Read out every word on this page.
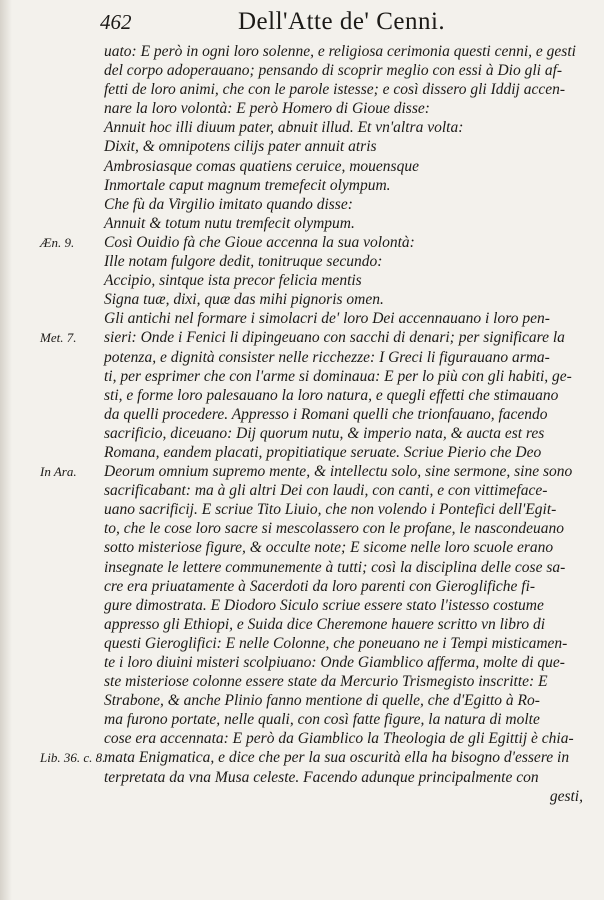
462	Dell'Atte de' Cenni.
uato: E però in ogni loro solenne, e religiosa cerimonia questi cenni, e gesti
del corpo adoperauano; pensando di scoprir meglio con essi à Dio gli af-
fetti de loro animi, che con le parole istesse; e così dissero gli Iddij accen-
nare la loro volontà: E però Homero di Gioue disse:
Annuit hoc illi diuum pater, abnuit illud. Et vn'altra volta:
Dixit, & omnipotens cilijs pater annuit atris
Ambrosiasque comas quatiens ceruice, mouensque
Inmortale caput magnum tremefecit olympum.
Che fù da Virgilio imitato quando disse:
Annuit & totum nutu tremfecit olympum.
Così Ouidio fà che Gioue accenna la sua volontà:
Ille notam fulgore dedit, tonitruque secundo:
Accipio, sintque ista precor felicia mentis
Signa tuæ, dixi, quæ das mihi pignoris omen.
Gli antichi nel formare i simolacri de' loro Dei accennauano i loro pen-
sieri: Onde i Fenici li dipingeuano con sacchi di denari; per significare la
potenza, e dignità consister nelle ricchezze: I Greci li figurauano arma-
ti, per esprimer che con l'arme si dominaua: E per lo più con gli habiti, ge-
sti, e forme loro palesauano la loro natura, e quegli effetti che stimauano
da quelli procedere. Appresso i Romani quelli che trionfauano, facendo
sacrificio, diceuano: Dij quorum nutu, & imperio nata, & aucta est res
Romana, eandem placati, propitiatique seruate. Scriue Pierio che Deo
Deorum omnium supremo mente, & intellectu solo, sine sermone, sine sono
sacrificabant: ma à gli altri Dei con laudi, con canti, e con vittimeface-
uano sacrificij. E scriue Tito Liuio, che non volendo i Pontefici dell'Egit-
to, che le cose loro sacre si mescolassero con le profane, le nascondeuano
sotto misteriose figure, & occulte note; E sicome nelle loro scuole erano
insegnate le lettere communemente à tutti; così la disciplina delle cose sa-
cre era priuatamente à Sacerdoti da loro parenti con Gieroglifiche fi-
gure dimostrata. E Diodoro Siculo scriue essere stato l'istesso costume
appresso gli Ethiopi, e Suida dice Cheremone hauere scritto vn libro di
questi Gieroglifici: E nelle Colonne, che poneuano ne i Tempi misticamen-
te i loro diuini misteri scolpiuano: Onde Giamblico afferma, molte di que-
ste misteriose colonne essere state da Mercurio Trismegisto inscritte: E
Strabone, & anche Plinio fanno mentione di quelle, che d'Egitto à Ro-
ma furono portate, nelle quali, con così fatte figure, la natura di molte
cose era accennata: E però da Giamblico la Theologia de gli Egittij è chia-
mata Enigmatica, e dice che per la sua oscurità ella ha bisogno d'essere in
terpretata da vna Musa celeste. Facendo adunque principalmente con
gesti,
Æn. 9.
Met. 7.
In Ara.
Lib. 36. c. 8.
